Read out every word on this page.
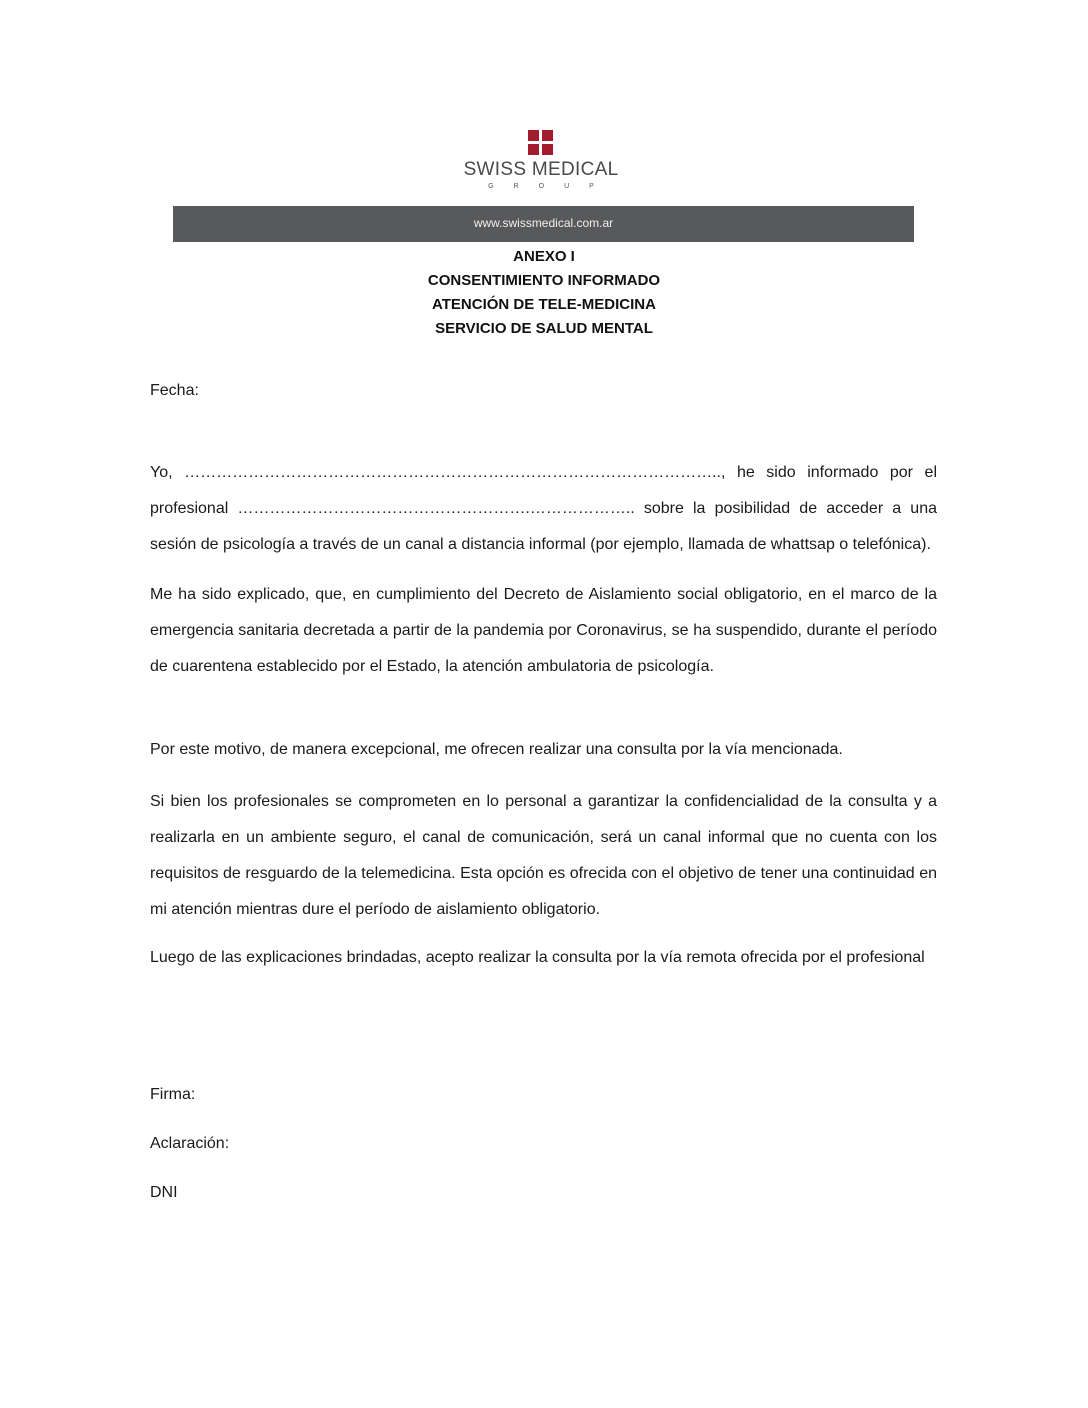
SWISS MEDICAL
GROUP
www.swissmedical.com.ar
ANEXO I
CONSENTIMIENTO INFORMADO
ATENCIÓN DE TELE-MEDICINA
SERVICIO DE SALUD MENTAL
Fecha:
Yo, ……………………………………………………………………………………….., he sido informado por el profesional ……………………………………………….……………….. sobre la posibilidad de acceder a una sesión de psicología a través de un canal a distancia informal (por ejemplo, llamada de whattsap o telefónica).
Me ha sido explicado, que, en cumplimiento del Decreto de Aislamiento social obligatorio, en el marco de la emergencia sanitaria decretada a partir de la pandemia por Coronavirus, se ha suspendido, durante el período de cuarentena establecido por el Estado, la atención ambulatoria de psicología.
Por este motivo, de manera excepcional, me ofrecen realizar una consulta por la vía mencionada.
Si bien los profesionales se comprometen en lo personal a garantizar la confidencialidad de la consulta y a realizarla en un ambiente seguro, el canal de comunicación, será un canal informal que no cuenta con los requisitos de resguardo de la telemedicina. Esta opción es ofrecida con el objetivo de tener una continuidad en mi atención mientras dure el período de aislamiento obligatorio.
Luego de las explicaciones brindadas, acepto realizar la consulta por la vía remota ofrecida por el profesional
Firma:
Aclaración:
DNI
